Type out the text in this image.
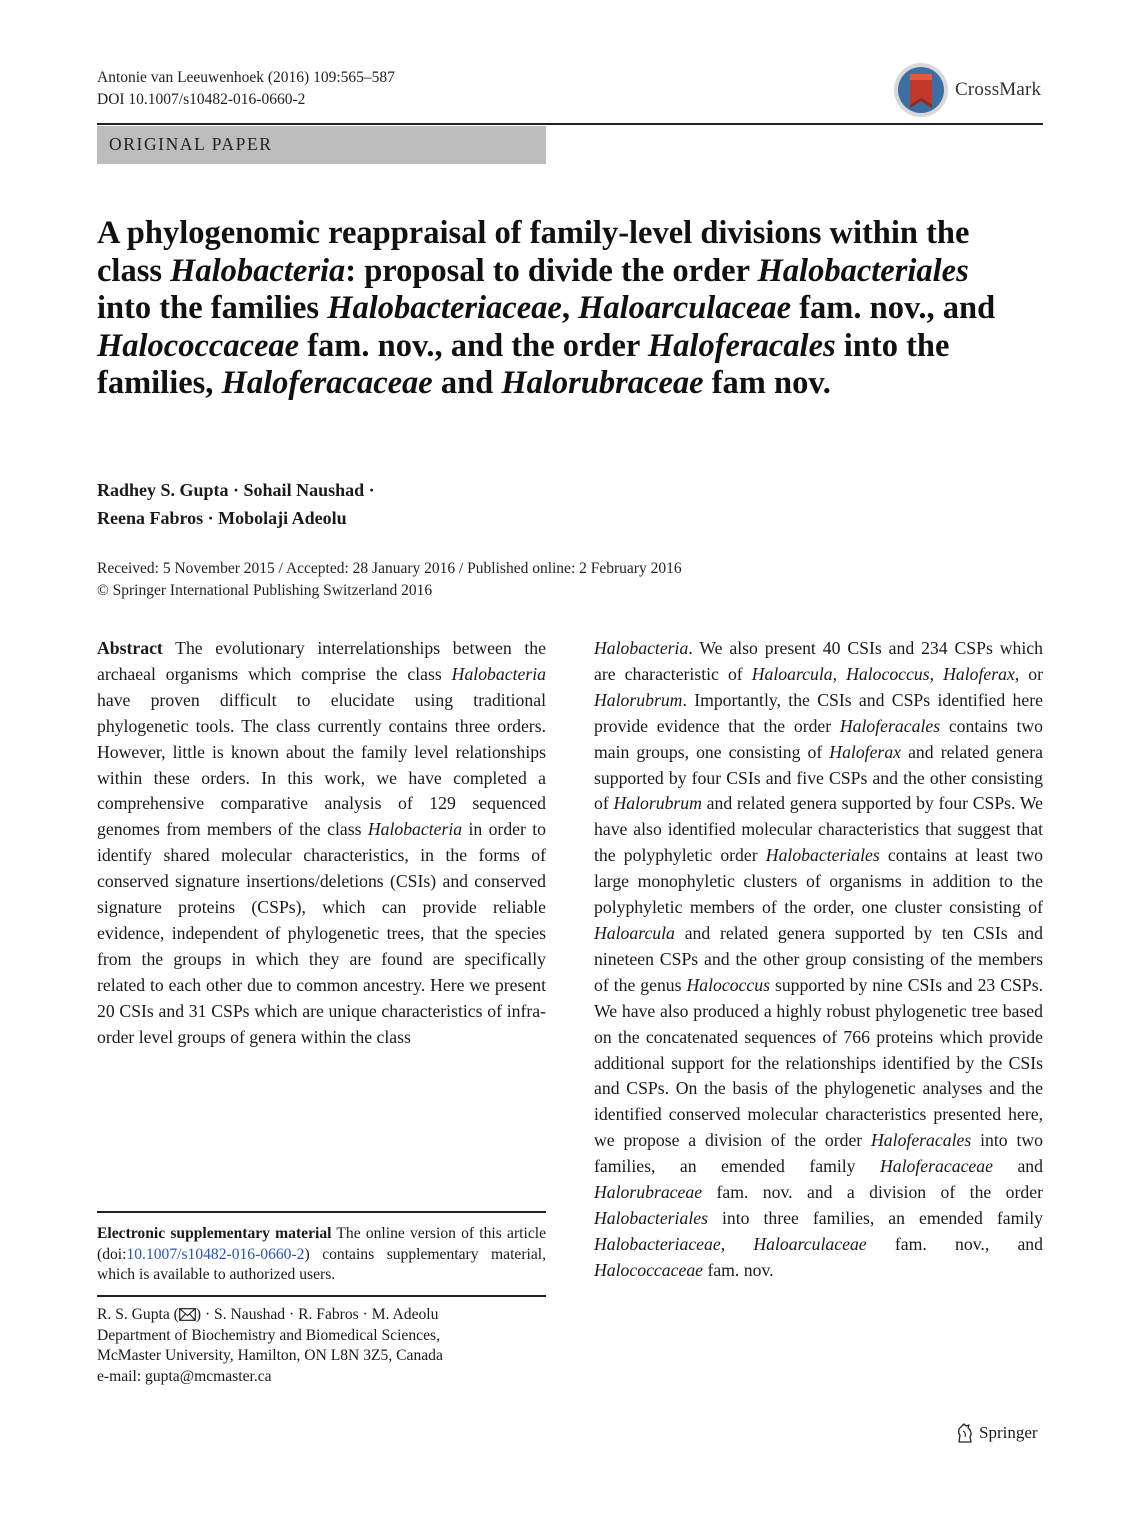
Antonie van Leeuwenhoek (2016) 109:565–587
DOI 10.1007/s10482-016-0660-2	CrossMark
ORIGINAL PAPER
A phylogenomic reappraisal of family-level divisions within the class Halobacteria: proposal to divide the order Halobacteriales into the families Halobacteriaceae, Haloarculaceae fam. nov., and Halococcaceae fam. nov., and the order Haloferacales into the families, Haloferacaceae and Halorubraceae fam nov.
Radhey S. Gupta · Sohail Naushad ·
Reena Fabros · Mobolaji Adeolu
Received: 5 November 2015 / Accepted: 28 January 2016 / Published online: 2 February 2016
© Springer International Publishing Switzerland 2016
Abstract The evolutionary interrelationships between the archaeal organisms which comprise the class Halobacteria have proven difficult to elucidate using traditional phylogenetic tools. The class currently contains three orders. However, little is known about the family level relationships within these orders. In this work, we have completed a comprehensive comparative analysis of 129 sequenced genomes from members of the class Halobacteria in order to identify shared molecular characteristics, in the forms of conserved signature insertions/deletions (CSIs) and conserved signature proteins (CSPs), which can provide reliable evidence, independent of phylogenetic trees, that the species from the groups in which they are found are specifically related to each other due to common ancestry. Here we present 20 CSIs and 31 CSPs which are unique characteristics of infra-order level groups of genera within the class
Halobacteria. We also present 40 CSIs and 234 CSPs which are characteristic of Haloarcula, Halococcus, Haloferax, or Halorubrum. Importantly, the CSIs and CSPs identified here provide evidence that the order Haloferacales contains two main groups, one consisting of Haloferax and related genera supported by four CSIs and five CSPs and the other consisting of Halorubrum and related genera supported by four CSPs. We have also identified molecular characteristics that suggest that the polyphyletic order Halobacteriales contains at least two large monophyletic clusters of organisms in addition to the polyphyletic members of the order, one cluster consisting of Haloarcula and related genera supported by ten CSIs and nineteen CSPs and the other group consisting of the members of the genus Halococcus supported by nine CSIs and 23 CSPs. We have also produced a highly robust phylogenetic tree based on the concatenated sequences of 766 proteins which provide additional support for the relationships identified by the CSIs and CSPs. On the basis of the phylogenetic analyses and the identified conserved molecular characteristics presented here, we propose a division of the order Haloferacales into two families, an emended family Haloferacaceae and Halorubraceae fam. nov. and a division of the order Halobacteriales into three families, an emended family Halobacteriaceae, Haloarculaceae fam. nov., and Halococcaceae fam. nov.
Electronic supplementary material The online version of this article (doi:10.1007/s10482-016-0660-2) contains supplementary material, which is available to authorized users.
R. S. Gupta ( ) · S. Naushad · R. Fabros · M. Adeolu
Department of Biochemistry and Biomedical Sciences,
McMaster University, Hamilton, ON L8N 3Z5, Canada
e-mail: gupta@mcmaster.ca
Springer
